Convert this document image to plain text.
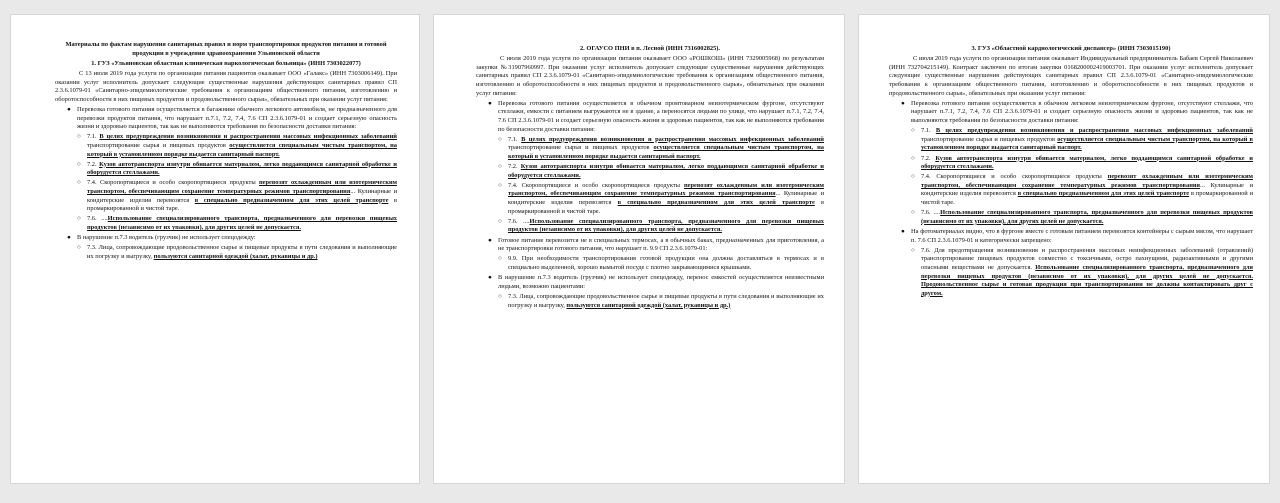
Материалы по фактам нарушения санитарных правил и норм транспортировки продуктов питания и готовой продукции в учреждения здравоохранения Ульяновской области

1. ГУЗ «Ульяновская областная клиническая наркологическая больница» (ИНН 7303022077)

С 13 июля 2019 года услуги по организации питания пациентов оказывает ООО «Галакс» (ИНН 7303006149). При оказании услуг исполнитель допускает следующие существенные нарушения действующих санитарных правил СП 2.3.6.1079-01 «Санитарно-эпидемиологические требования к организациям общественного питания, изготовлению и оборотоспособности в них пищевых продуктов и продовольственного сырья», обязательных при оказании услуг питания:

● Перевозка готового питания осуществляется в багажнике обычного легкового автомобиля, не предназначенного для перевозки продуктов питания, что нарушает п.7.1, 7.2, 7.4, 7.6 СП 2.3.6.1079-01 и создает серьезную опасность жизни и здоровью пациентов, так как не выполняются требования по безопасности доставки питания:

○ 7.1. В целях предупреждения возникновения и распространения массовых инфекционных заболеваний транспортирование сырья и пищевых продуктов осуществляется специальным чистым транспортом, на который в установленном порядке выдается санитарный паспорт.

○ 7.2. Кузов автотранспорта изнутри обивается материалом, легко поддающимся санитарной обработке и оборудуется стеллажами.

○ 7.4. Скоропортящиеся и особо скоропортящиеся продукты перевозят охлажденным или изотермическим транспортом, обеспечивающим сохранение температурных режимов транспортирования... Кулинарные и кондитерские изделия перевозятся в специально предназначенном для этих целей транспорте в промаркированной и чистой таре.

○ 7.6. ....Использование специализированного транспорта, предназначенного для перевозки пищевых продуктов (независимо от их упаковки), для других целей не допускается.

● В нарушение п.7.3 водитель (грузчик) не использует спецодежду:

○ 7.3. Лица, сопровождающие продовольственное сырье и пищевые продукты в пути следования и выполняющие их погрузку и выгрузку, пользуются санитарной одеждой (халат, рукавицы и др.)

2. ОГАУСО ПНИ в п. Лесной (ИНН 7316002825).

С июля 2019 года услуги по организации питания оказывает ООО «РОШКОШ» (ИНН 7329005968) по результатам закупки №31907960997. При оказании услуг исполнитель допускает следующие существенные нарушения действующих санитарных правил СП 2.3.6.1079-01 «Санитарно-эпидемиологические требования к организациям общественного питания, изготовлению и оборотоспособности в них пищевых продуктов и продовольственного сырья», обязательных при оказании услуг питания:

● Перевозка готового питания осуществляется в обычном промтоварном неизотермическом фургоне, отсутствуют стеллажи, емкости с питанием выгружаются не в здание, а переносятся людьми по улице, что нарушает п.7.1, 7.2, 7.4, 7.6 СП 2.3.6.1079-01 и создает серьезную опасность жизни и здоровью пациентов, так как не выполняются требования по безопасности доставки питания:

○ 7.1. В целях предупреждения возникновения и распространения массовых инфекционных заболеваний транспортирование сырья и пищевых продуктов осуществляется специальным чистым транспортом, на который в установленном порядке выдается санитарный паспорт.

○ 7.2. Кузов автотранспорта изнутри обивается материалом, легко поддающимся санитарной обработке и оборудуется стеллажами.

○ 7.4. Скоропортящиеся и особо скоропортящиеся продукты перевозят охлажденным или изотермическим транспортом, обеспечивающим сохранение температурных режимов транспортирования... Кулинарные и кондитерские изделия перевозятся в специально предназначенном для этих целей транспорте в промаркированной и чистой таре.

○ 7.6. ....Использование специализированного транспорта, предназначенного для перевозки пищевых продуктов (независимо от их упаковки), для других целей не допускается.

● Готовое питание перевозится не в специальных термосах, а в обычных баках, предназначенных для приготовления, а не транспортировки готового питания, что нарушает п. 9.9 СП 2.3.6.1079-01:

○ 9.9. При необходимости транспортирования готовой продукции она должна доставляться в термосах и в специально выделенной, хорошо вымытой посуде с плотно закрывающимися крышками.

● В нарушение п.7.3 водитель (грузчик) не использует спецодежду, перенос емкостей осуществляется неизвестными людьми, возможно пациентами:

○ 7.3. Лица, сопровождающие продовольственное сырье и пищевые продукты в пути следования и выполняющие их погрузку и выгрузку, пользуются санитарной одеждой (халат, рукавицы и др.)

3. ГУЗ «Областной кардиологический диспансер» (ИНН 7303015190)

С июля 2019 года услуги по организации питания оказывает Индивидуальный предприниматель Бабаев Сергей Николаевич (ИНН 732704215149). Контракт заключен по итогам закупки 0168200002419003701. При оказании услуг исполнитель допускает следующие существенные нарушения действующих санитарных правил СП 2.3.6.1079-01 «Санитарно-эпидемиологические требования к организациям общественного питания, изготовлению и оборотоспособности в них пищевых продуктов и продовольственного сырья», обязательных при оказании услуг питания:

● Перевозка готового питания осуществляется в обычном легковом неизотермическом фургоне, отсутствуют стеллажи, что нарушает п.7.1, 7.2, 7.4, 7.6 СП 2.3.6.1079-01 и создает серьезную опасность жизни и здоровью пациентов, так как не выполняются требования по безопасности доставки питания:

○ 7.1. В целях предупреждения возникновения и распространения массовых инфекционных заболеваний транспортирование сырья и пищевых продуктов осуществляется специальным чистым транспортом, на который в установленном порядке выдается санитарный паспорт.

○ 7.2. Кузов автотранспорта изнутри обивается материалом, легко поддающимся санитарной обработке и оборудуется стеллажами.

○ 7.4. Скоропортящиеся и особо скоропортящиеся продукты перевозят охлажденным или изотермическим транспортом, обеспечивающим сохранение температурных режимов транспортирования... Кулинарные и кондитерские изделия перевозятся в специально предназначенном для этих целей транспорте в промаркированной и чистой таре.

○ 7.6. ....Использование специализированного транспорта, предназначенного для перевозки пищевых продуктов (независимо от их упаковки), для других целей не допускается.

● На фотоматериалах видно, что в фургоне вместе с готовым питанием перевозятся контейнеры с сырым мясом, что нарушает п. 7.6 СП 2.3.6.1079-01 и категорически запрещено:

○ 7.6. Для предотвращения возникновения и распространения массовых неинфекционных заболеваний (отравлений) транспортирование пищевых продуктов совместно с токсичными, остро пахнущими, радиоактивными и другими опасными веществами не допускается. Использование специализированного транспорта, предназначенного для перевозки пищевых продуктов (независимо от их упаковки), для других целей не допускается. Продовольственное сырье и готовая продукция при транспортировании не должны контактировать друг с другом.
